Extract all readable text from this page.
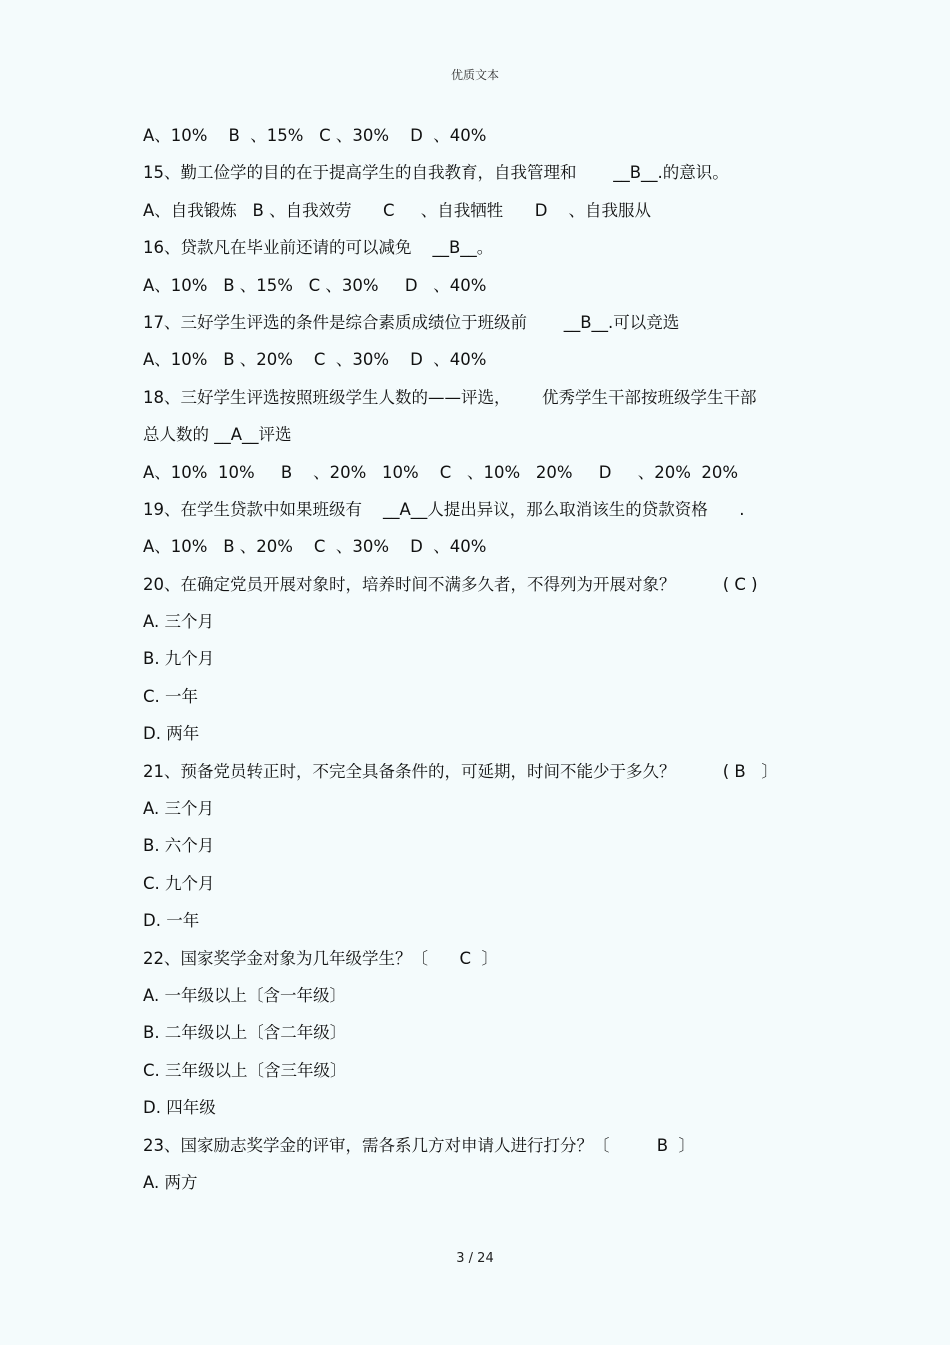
优质文本
A、10%    B  、15%   C 、30%    D  、40%
15、勤工俭学的目的在于提高学生的自我教育，自我管理和       __B__.的意识。
A、自我锻炼   B 、自我效劳      C     、自我牺牲      D    、自我服从
16、贷款凡在毕业前还请的可以减免    __B__。
A、10%   B 、15%   C 、30%     D   、40%
17、三好学生评选的条件是综合素质成绩位于班级前       __B__.可以竞选
A、10%   B 、20%    C  、30%    D  、40%
18、三好学生评选按照班级学生人数的——评选，      优秀学生干部按班级学生干部
总人数的 __A__评选
A、10%  10%     B    、20%   10%    C   、10%   20%     D     、20%  20%
19、在学生贷款中如果班级有    __A__人提出异议，那么取消该生的贷款资格      .
A、10%   B 、20%    C  、30%    D  、40%
20、在确定党员开展对象时，培养时间不满多久者，不得列为开展对象？         ( C )
A. 三个月
B. 九个月
C. 一年
D. 两年
21、预备党员转正时，不完全具备条件的，可延期，时间不能少于多久？         ( B   〕
A. 三个月
B. 六个月
C. 九个月
D. 一年
22、国家奖学金对象为几年级学生？〔      C  〕
A. 一年级以上〔含一年级〕
B. 二年级以上〔含二年级〕
C. 三年级以上〔含三年级〕
D. 四年级
23、国家励志奖学金的评审，需各系几方对申请人进行打分？〔         B  〕
A. 两方
3 / 24
